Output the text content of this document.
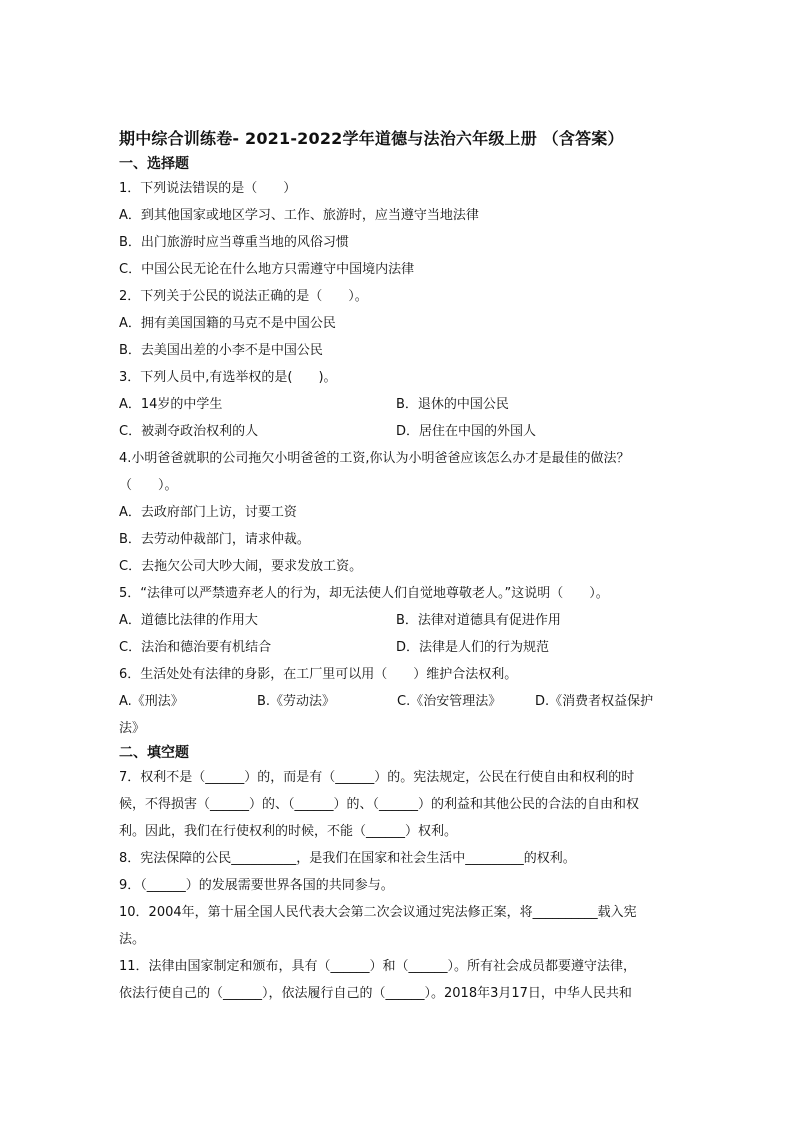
期中综合训练卷- 2021-2022学年道德与法治六年级上册 （含答案）
一、选择题
1．下列说法错误的是（　　）
A．到其他国家或地区学习、工作、旅游时，应当遵守当地法律
B．出门旅游时应当尊重当地的风俗习惯
C．中国公民无论在什么地方只需遵守中国境内法律
2．下列关于公民的说法正确的是（　　）。
A．拥有美国国籍的马克不是中国公民
B．去美国出差的小李不是中国公民
3．下列人员中,有选举权的是(　　)。
A．14岁的中学生	B．退休的中国公民
C．被剥夺政治权利的人	D．居住在中国的外国人
4.小明爸爸就职的公司拖欠小明爸爸的工资,你认为小明爸爸应该怎么办才是最佳的做法？
（　　）。
A．去政府部门上访，讨要工资
B．去劳动仲裁部门，请求仲裁。
C．去拖欠公司大吵大闹，要求发放工资。
5．“法律可以严禁遗弃老人的行为，却无法使人们自觉地尊敬老人。”这说明（　　）。
A．道德比法律的作用大	B．法律对道德具有促进作用
C．法治和德治要有机结合	D．法律是人们的行为规范
6．生活处处有法律的身影，在工厂里可以用（　　）维护合法权利。
A.《刑法》	B.《劳动法》	C.《治安管理法》	D.《消费者权益保护
法》
二、填空题
7．权利不是（______）的，而是有（______）的。宪法规定，公民在行使自由和权利的时
候，不得损害（______）的、（______）的、（______）的利益和其他公民的合法的自由和权
利。因此，我们在行使权利的时候，不能（______）权利。
8．宪法保障的公民__________，是我们在国家和社会生活中_________的权利。
9．（______）的发展需要世界各国的共同参与。
10．2004年，第十届全国人民代表大会第二次会议通过宪法修正案，将__________载入宪
法。
11．法律由国家制定和颁布，具有（______）和（______）。所有社会成员都要遵守法律，
依法行使自己的（______），依法履行自己的（______）。2018年3月17日，中华人民共和
